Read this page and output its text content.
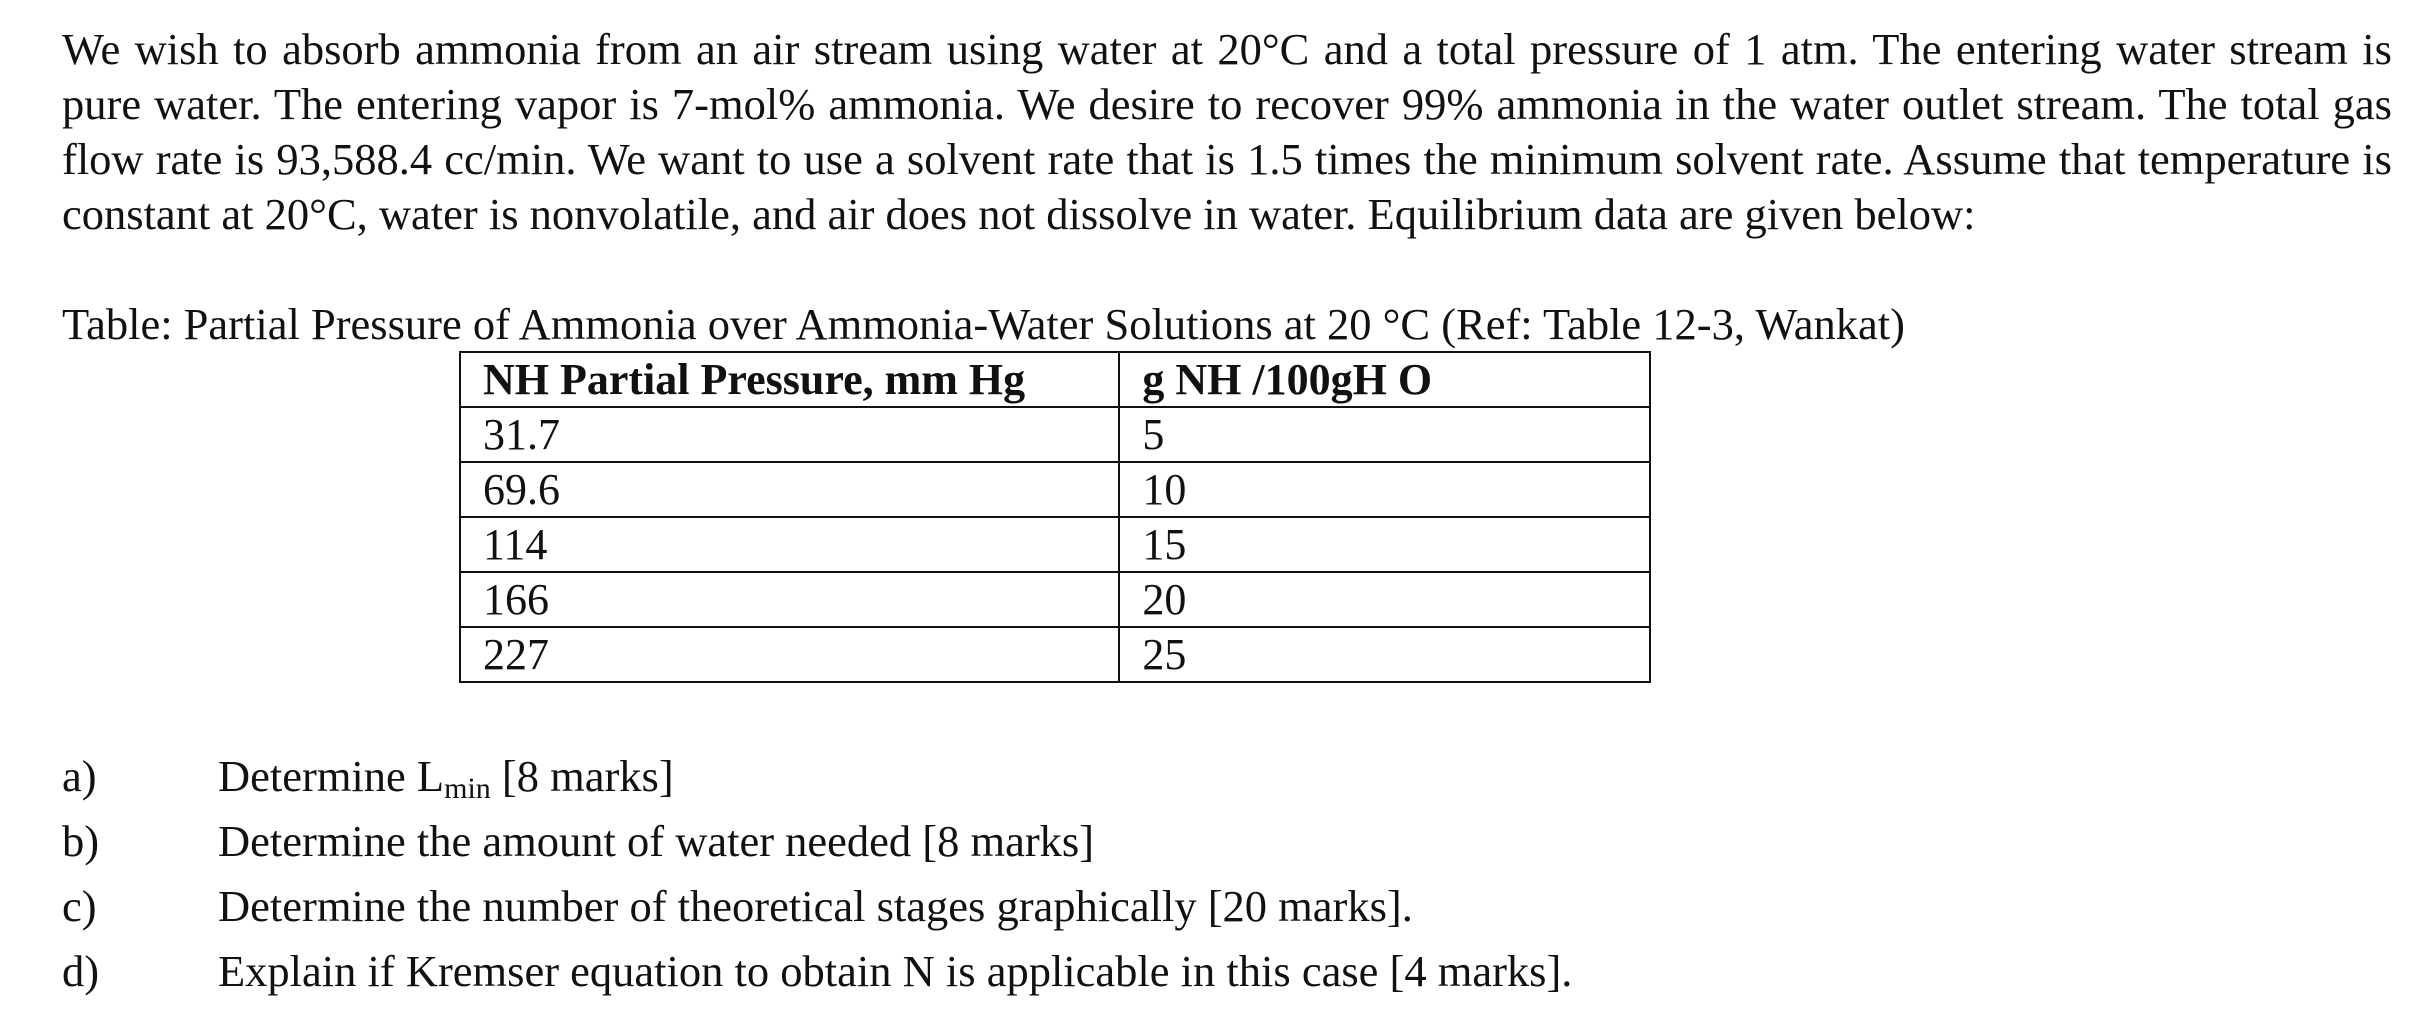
We wish to absorb ammonia from an air stream using water at 20°C and a total pressure of 1 atm. The entering water stream is pure water. The entering vapor is 7-mol% ammonia. We desire to recover 99% ammonia in the water outlet stream. The total gas flow rate is 93,588.4 cc/min. We want to use a solvent rate that is 1.5 times the minimum solvent rate. Assume that temperature is constant at 20°C, water is nonvolatile, and air does not dissolve in water. Equilibrium data are given below:

Table: Partial Pressure of Ammonia over Ammonia-Water Solutions at 20 °C (Ref: Table 12-3, Wankat)

NH Partial Pressure, mm Hg	g NH /100gH O
31.7	5
69.6	10
114	15
166	20
227	25
a)	Determine $L_{min}$ [8 marks]
b)	Determine the amount of water needed [8 marks]
c)	Determine the number of theoretical stages graphically [20 marks].
d)	Explain if Kremser equation to obtain N is applicable in this case [4 marks].
